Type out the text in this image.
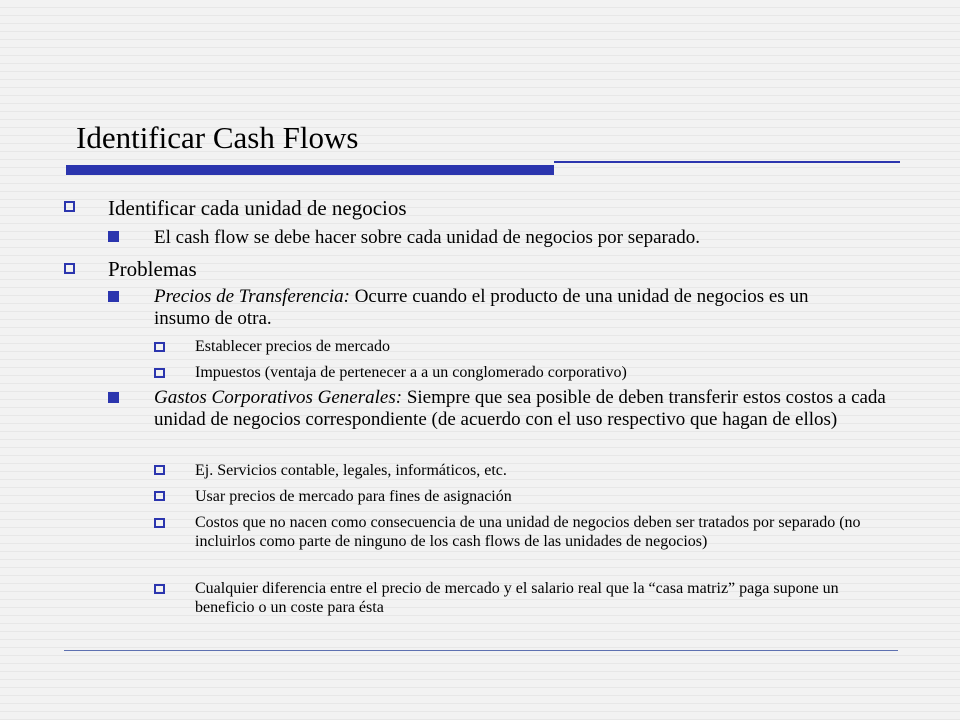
Identificar Cash Flows
Identificar cada unidad de negocios
El cash flow se debe hacer sobre cada unidad de negocios por separado.
Problemas
Precios de Transferencia: Ocurre cuando el producto de una unidad de negocios es un insumo de otra.
Establecer precios de mercado
Impuestos (ventaja de pertenecer a a un conglomerado corporativo)
Gastos Corporativos Generales: Siempre que sea posible de deben transferir estos costos a cada unidad de negocios correspondiente (de acuerdo con el uso respectivo que hagan de ellos)
Ej. Servicios contable, legales, informáticos, etc.
Usar precios de mercado para fines de asignación
Costos que no nacen como consecuencia de una unidad de negocios deben ser tratados por separado (no incluirlos como parte de ninguno de los cash flows de las unidades de negocios)
Cualquier diferencia entre el precio de mercado y el salario real que la “casa matriz” paga supone un beneficio o un coste para ésta
